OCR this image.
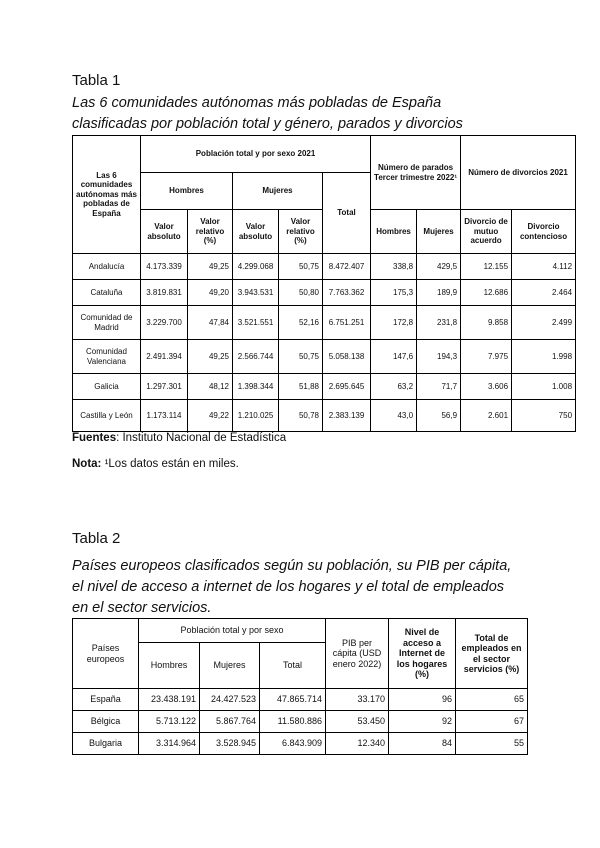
Tabla 1
Las 6 comunidades autónomas más pobladas de España
clasificadas por población total y género, parados y divorcios
Las 6 comunidades autónomas más pobladas de España	Población total y por sexo 2021					Número de parados Tercer trimestre 2022¹		Número de divorcios 2021	
	Hombres		Mujeres		Total				
	Valor absoluto	Valor relativo (%)	Valor absoluto	Valor relativo (%)		Hombres	Mujeres	Divorcio de mutuo acuerdo	Divorcio contencioso
Andalucía	4.173.339	49,25	4.299.068	50,75	8.472.407	338,8	429,5	12.155	4.112
Cataluña	3.819.831	49,20	3.943.531	50,80	7.763.362	175,3	189,9	12.686	2.464
Comunidad de Madrid	3.229.700	47,84	3.521.551	52,16	6.751.251	172,8	231,8	9.858	2.499
Comunidad Valenciana	2.491.394	49,25	2.566.744	50,75	5.058.138	147,6	194,3	7.975	1.998
Galicia	1.297.301	48,12	1.398.344	51,88	2.695.645	63,2	71,7	3.606	1.008
Castilla y León	1.173.114	49,22	1.210.025	50,78	2.383.139	43,0	56,9	2.601	750
Fuentes: Instituto Nacional de Estadística
Nota: ¹Los datos están en miles.
Tabla 2
Países europeos clasificados según su población, su PIB per cápita,
el nivel de acceso a internet de los hogares y el total de empleados
en el sector servicios.
Países europeos	Población total y por sexo			PIB per cápita (USD enero 2022)	Nivel de acceso a Internet de los hogares (%)	Total de empleados en el sector servicios (%)
	Hombres	Mujeres	Total			
España	23.438.191	24.427.523	47.865.714	33.170	96	65
Bélgica	5.713.122	5.867.764	11.580.886	53.450	92	67
Bulgaria	3.314.964	3.528.945	6.843.909	12.340	84	55
